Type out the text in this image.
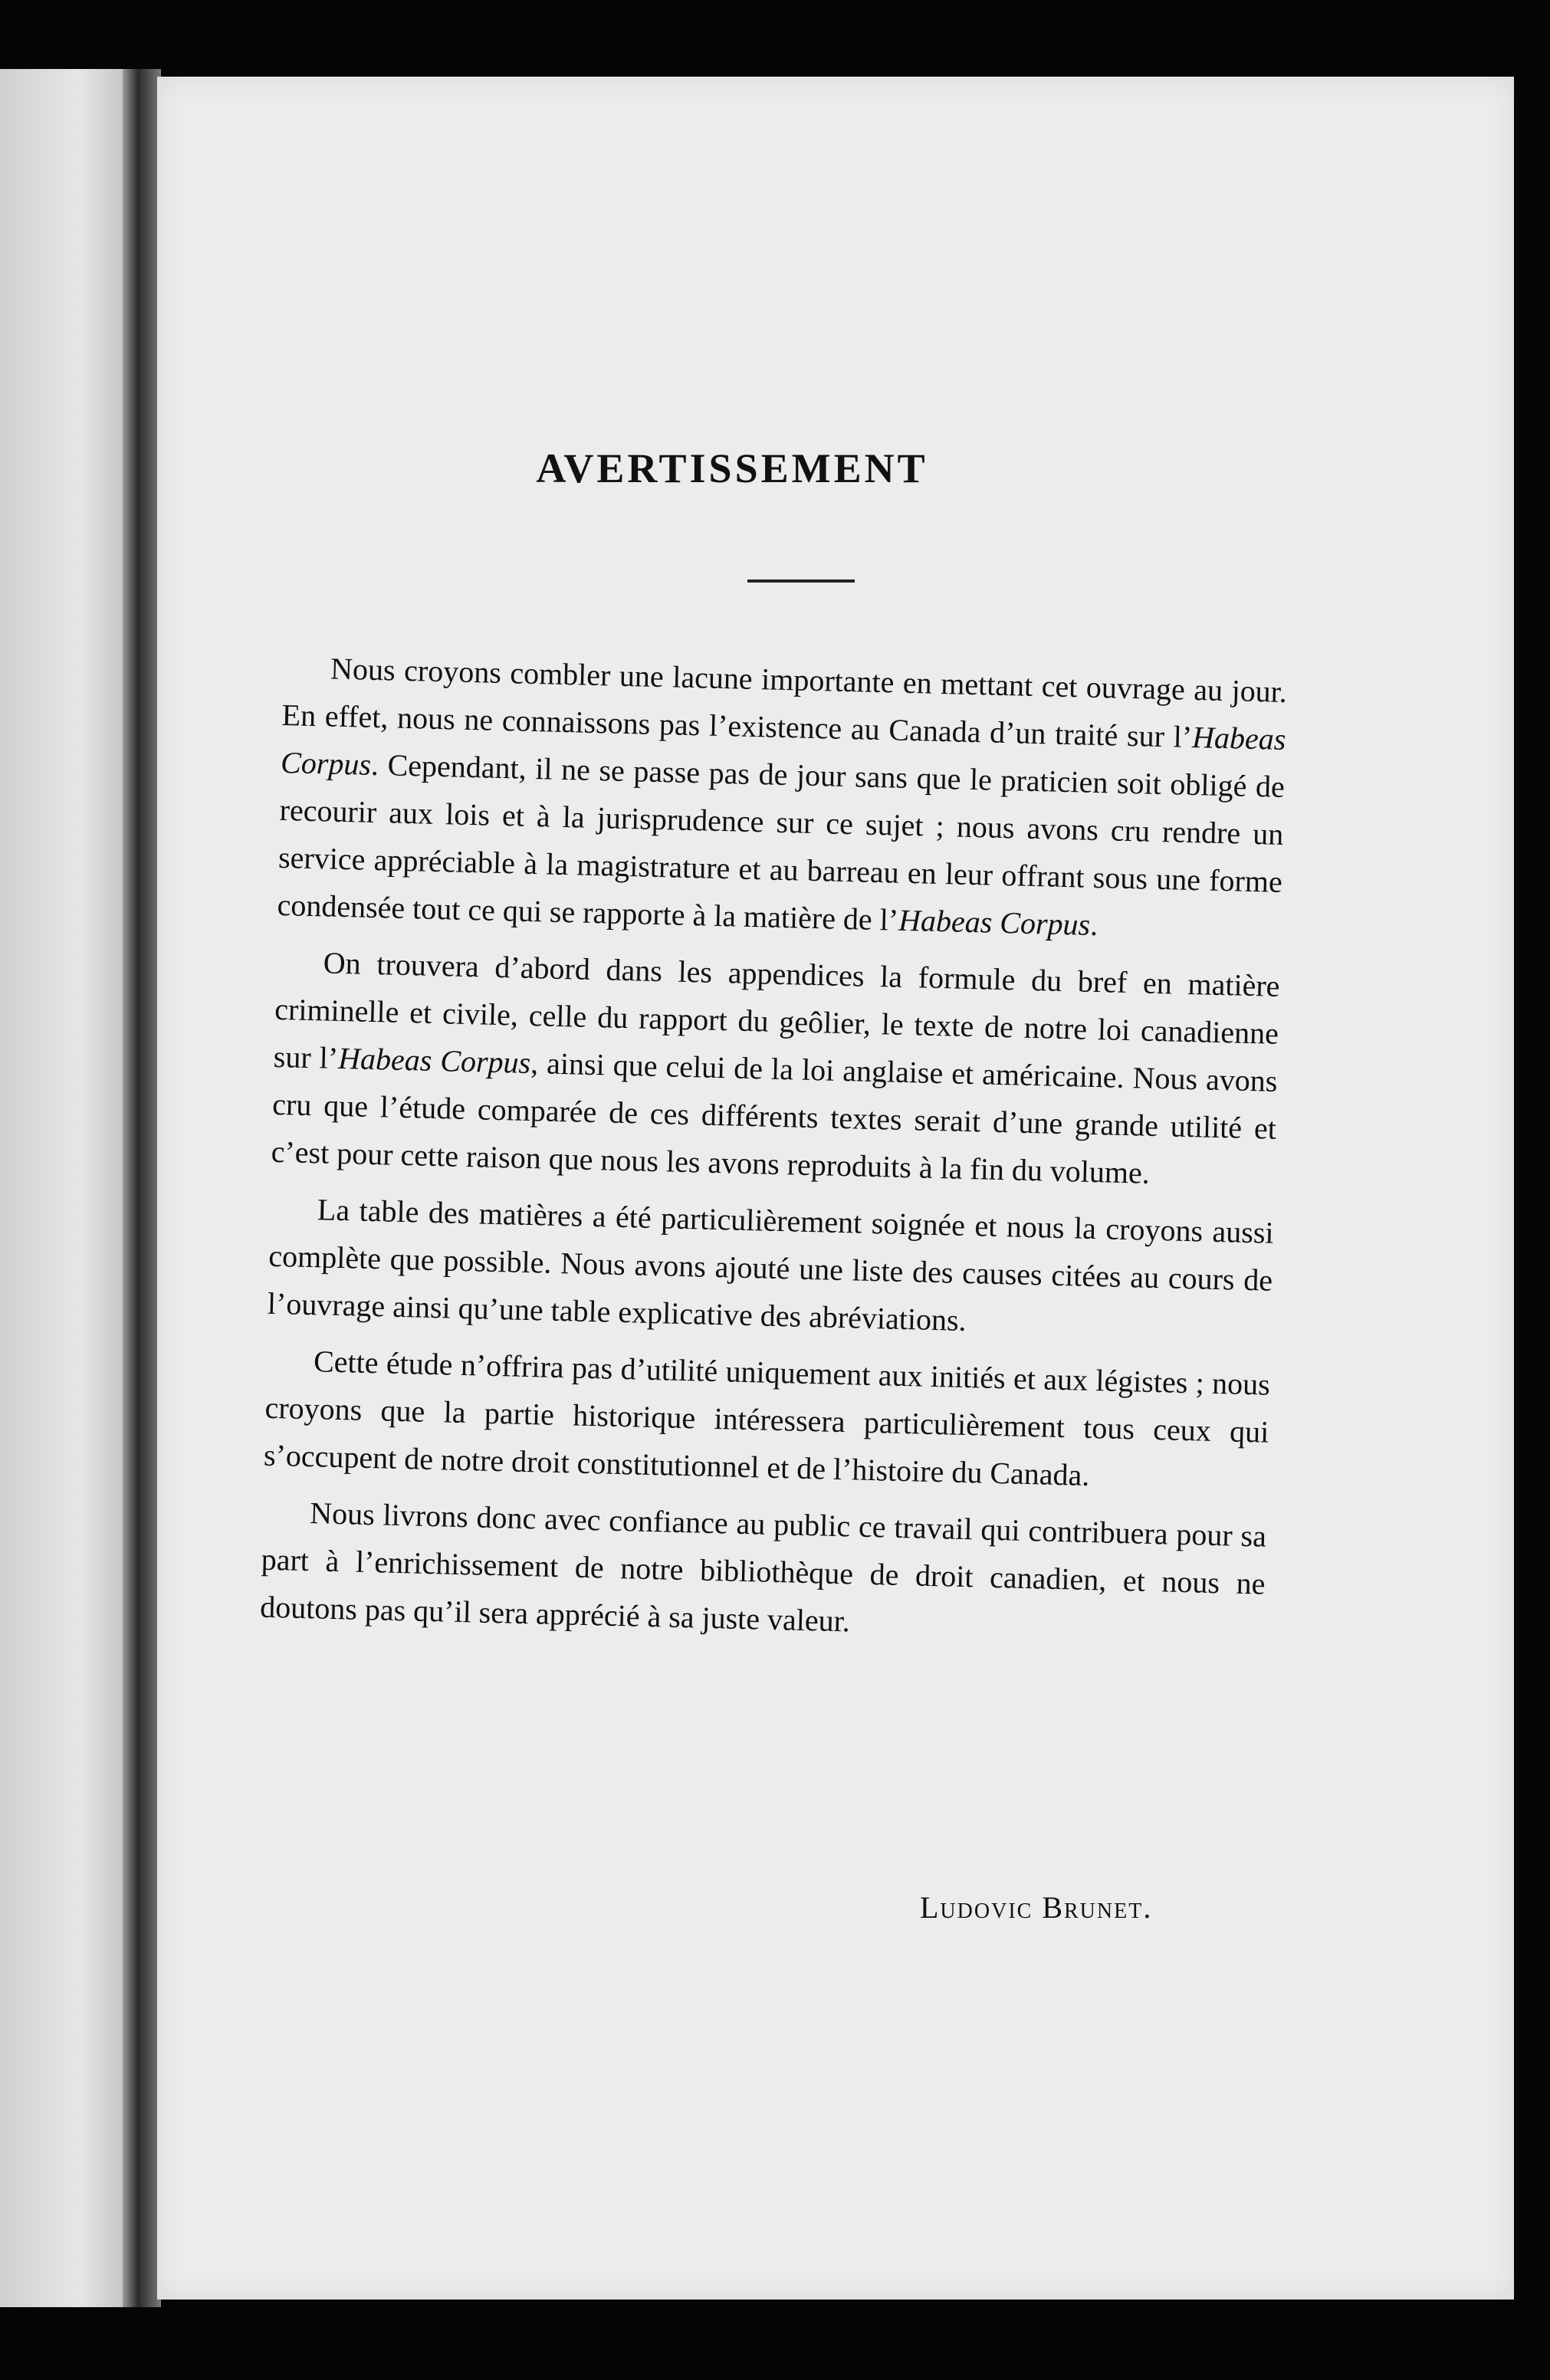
AVERTISSEMENT

Nous croyons combler une lacune importante en mettant cet ouvrage au jour. En effet, nous ne connaissons pas l’existence au Canada d’un traité sur l’Habeas Corpus. Cependant, il ne se passe pas de jour sans que le praticien soit obligé de recourir aux lois et à la jurisprudence sur ce sujet ; nous avons cru rendre un service appréciable à la magistrature et au barreau en leur offrant sous une forme condensée tout ce qui se rapporte à la matière de l’Habeas Corpus.

On trouvera d’abord dans les appendices la formule du bref en matière criminelle et civile, celle du rapport du geôlier, le texte de notre loi canadienne sur l’Habeas Corpus, ainsi que celui de la loi anglaise et américaine. Nous avons cru que l’étude comparée de ces différents textes serait d’une grande utilité et c’est pour cette raison que nous les avons reproduits à la fin du volume.

La table des matières a été particulièrement soignée et nous la croyons aussi complète que possible. Nous avons ajouté une liste des causes citées au cours de l’ouvrage ainsi qu’une table explicative des abréviations.

Cette étude n’offrira pas d’utilité uniquement aux initiés et aux légistes ; nous croyons que la partie historique intéressera particulièrement tous ceux qui s’occupent de notre droit constitutionnel et de l’histoire du Canada.

Nous livrons donc avec confiance au public ce travail qui contribuera pour sa part à l’enrichissement de notre bibliothèque de droit canadien, et nous ne doutons pas qu’il sera apprécié à sa juste valeur.

Ludovic Brunet.
